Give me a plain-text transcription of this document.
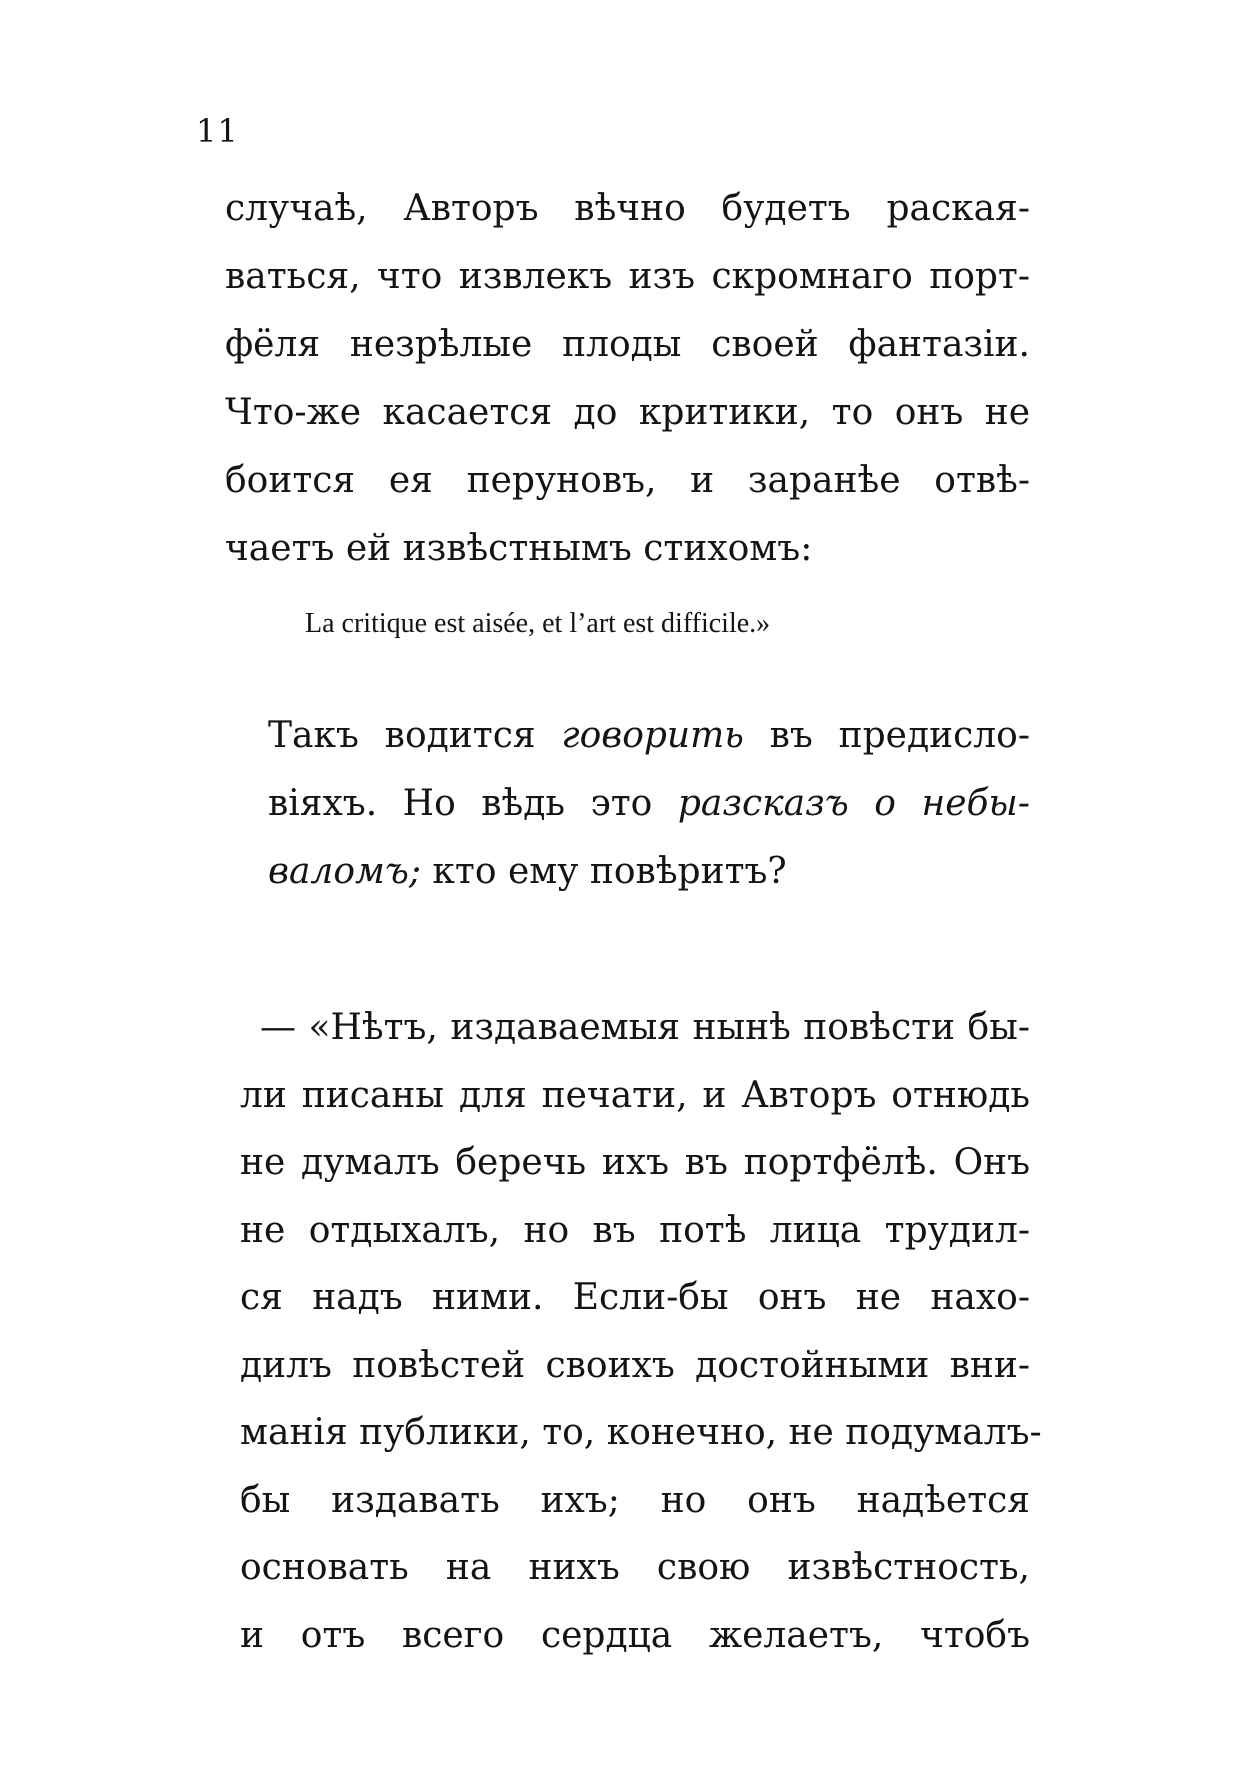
11
случаѣ, Авторъ вѣчно будетъ раская-
ваться, что извлекъ изъ скромнаго порт-
фёля незрѣлые плоды своей фантазіи.
Что-же касается до критики, то онъ не
боится ея перуновъ, и заранѣе отвѣ-
чаетъ ей извѣстнымъ стихомъ:
La critique est aisée, et l’art est difficile.»
Такъ водится говорить въ предисло-
віяхъ. Но вѣдь это разсказъ о небы-
валомъ; кто ему повѣритъ?
— «Нѣтъ, издаваемыя нынѣ повѣсти бы-
ли писаны для печати, и Авторъ отнюдь
не думалъ беречь ихъ въ портфёлѣ. Онъ
не отдыхалъ, но въ потѣ лица трудил-
ся надъ ними. Если-бы онъ не нахо-
дилъ повѣстей своихъ достойными вни-
манія публики, то, конечно, не подумалъ-
бы издавать ихъ; но онъ надѣется
основать на нихъ свою извѣстность,
и отъ всего сердца желаетъ, чтобъ
